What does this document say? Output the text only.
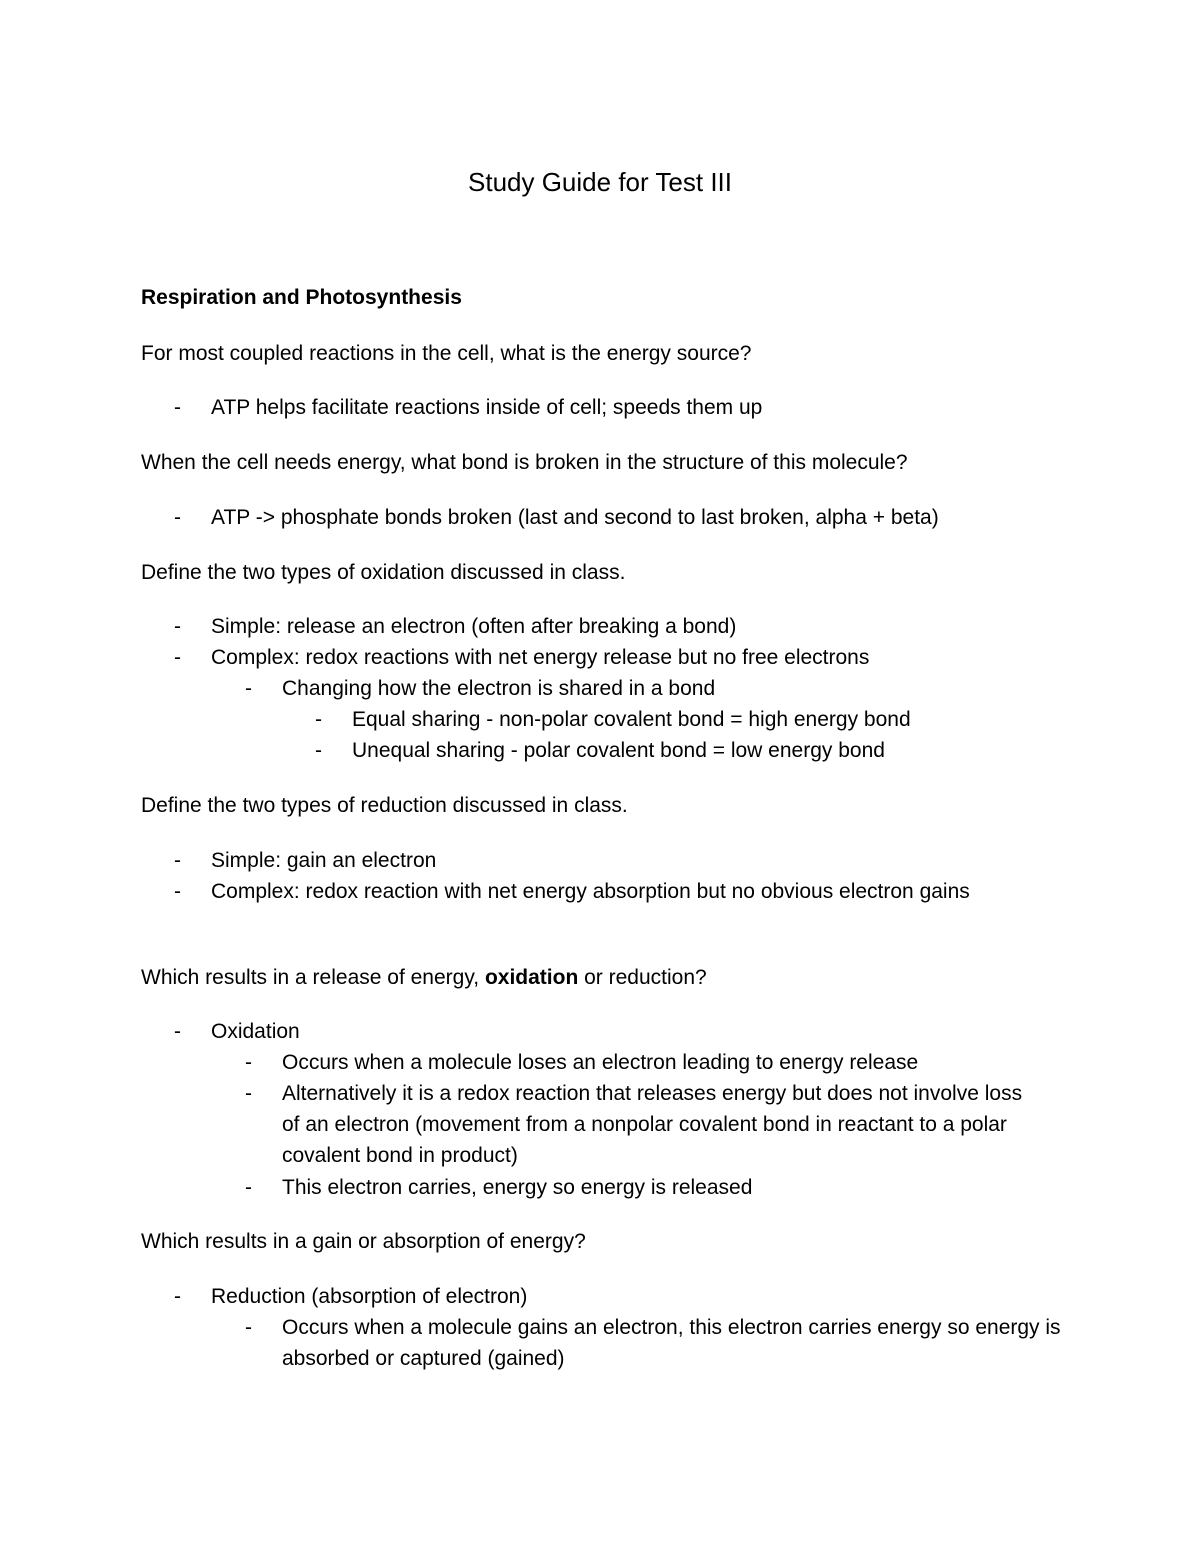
Study Guide for Test III
Respiration and Photosynthesis

For most coupled reactions in the cell, what is the energy source?

- ATP helps facilitate reactions inside of cell; speeds them up

When the cell needs energy, what bond is broken in the structure of this molecule?

- ATP -> phosphate bonds broken (last and second to last broken, alpha + beta)

Define the two types of oxidation discussed in class.

- Simple: release an electron (often after breaking a bond)
- Complex: redox reactions with net energy release but no free electrons
- Changing how the electron is shared in a bond
- Equal sharing - non-polar covalent bond = high energy bond
- Unequal sharing - polar covalent bond = low energy bond

Define the two types of reduction discussed in class.

- Simple: gain an electron
- Complex: redox reaction with net energy absorption but no obvious electron gains

Which results in a release of energy, oxidation or reduction?

- Oxidation
- Occurs when a molecule loses an electron leading to energy release
- Alternatively it is a redox reaction that releases energy but does not involve loss of an electron (movement from a nonpolar covalent bond in reactant to a polar covalent bond in product)
- This electron carries, energy so energy is released

Which results in a gain or absorption of energy?

- Reduction (absorption of electron)
- Occurs when a molecule gains an electron, this electron carries energy so energy is absorbed or captured (gained)
